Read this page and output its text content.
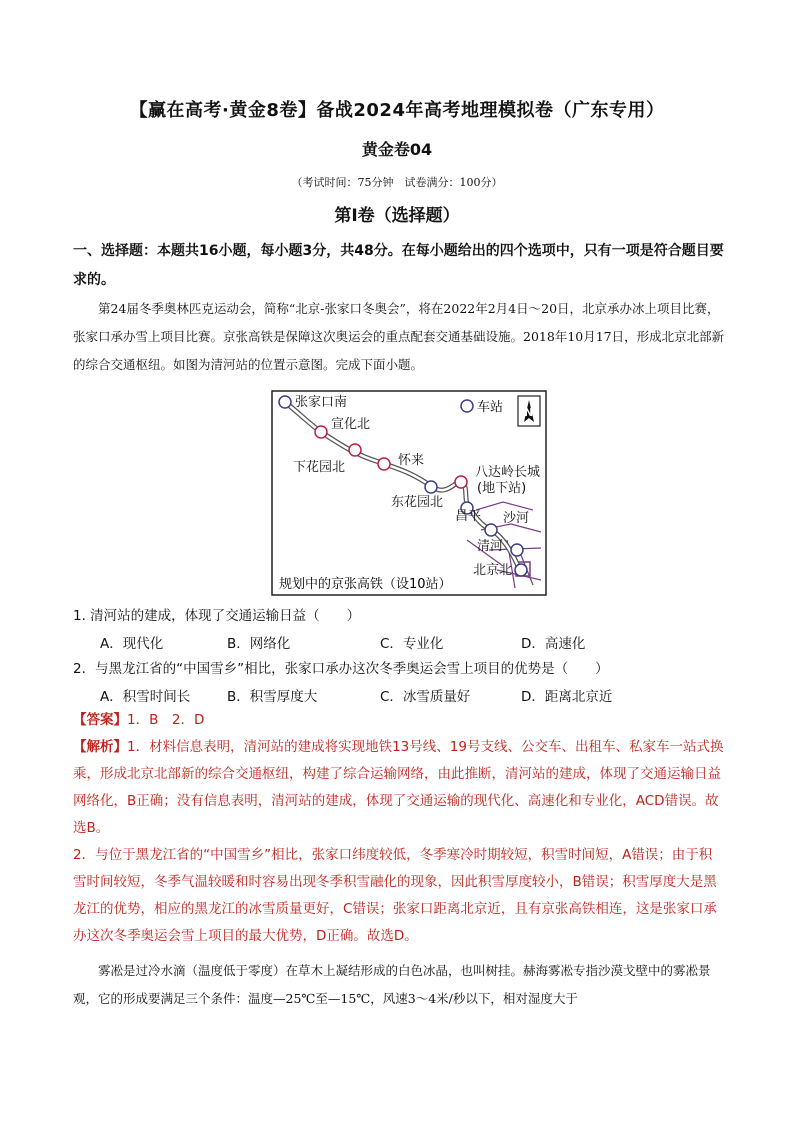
【赢在高考·黄金8卷】备战2024年高考地理模拟卷（广东专用）
黄金卷04
（考试时间：75分钟　试卷满分：100分）
第I卷（选择题）
一、选择题：本题共16小题，每小题3分，共48分。在每小题给出的四个选项中，只有一项是符合题目要求的。
第24届冬季奥林匹克运动会，简称“北京-张家口冬奥会”，将在2022年2月4日～20日，北京承办冰上项目比赛，张家口承办雪上项目比赛。京张高铁是保障这次奥运会的重点配套交通基础设施。2018年10月17日，形成北京北部新的综合交通枢纽。如图为清河站的位置示意图。完成下面小题。
车站 N
张家口南
宣化北
下花园北	怀来
东花园北
八达岭长城
(地下站)
昌平 沙河
清河
北京北
规划中的京张高铁（设10站）
1. 清河站的建成，体现了交通运输日益（　　）
A．现代化	B．网络化	C．专业化	D．高速化
2．与黑龙江省的“中国雪乡”相比，张家口承办这次冬季奥运会雪上项目的优势是（　　）
A．积雪时间长	B．积雪厚度大	C．冰雪质量好	D．距离北京近
【答案】1．B　2．D
【解析】1．材料信息表明，清河站的建成将实现地铁13号线、19号支线、公交车、出租车、私家车一站式换乘，形成北京北部新的综合交通枢纽，构建了综合运输网络，由此推断，清河站的建成，体现了交通运输日益网络化，B正确；没有信息表明，清河站的建成，体现了交通运输的现代化、高速化和专业化，ACD错误。故选B。
2．与位于黑龙江省的“中国雪乡”相比，张家口纬度较低，冬季寒冷时期较短，积雪时间短，A错误；由于积雪时间较短，冬季气温较暖和时容易出现冬季积雪融化的现象，因此积雪厚度较小，B错误；积雪厚度大是黑龙江的优势，相应的黑龙江的冰雪质量更好，C错误；张家口距离北京近，且有京张高铁相连，这是张家口承办这次冬季奥运会雪上项目的最大优势，D正确。故选D。
雾凇是过冷水滴（温度低于零度）在草木上凝结形成的白色冰晶，也叫树挂。赫海雾凇专指沙漠戈壁中的雾凇景观，它的形成要满足三个条件：温度—25℃至—15℃，风速3～4米/秒以下，相对湿度大于
